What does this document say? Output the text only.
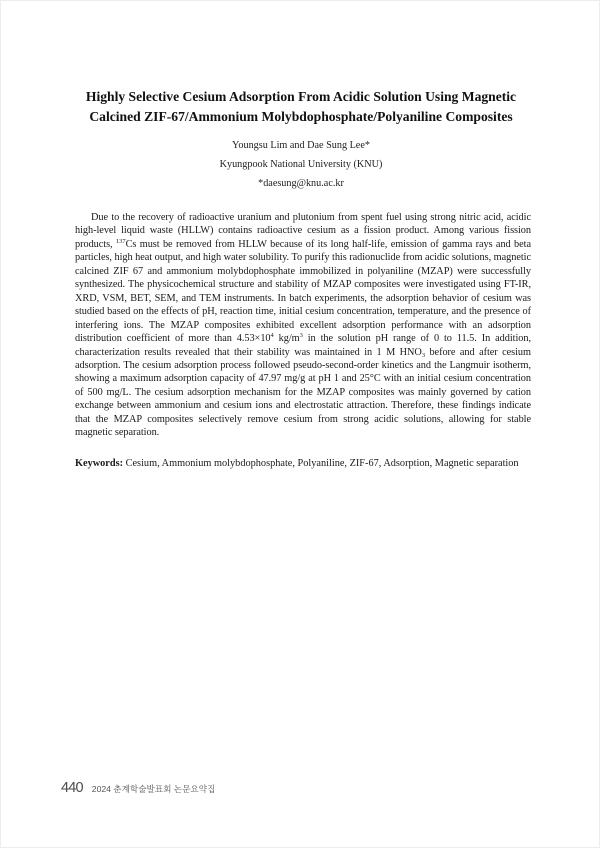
Highly Selective Cesium Adsorption From Acidic Solution Using Magnetic
Calcined ZIF-67/Ammonium Molybdophosphate/Polyaniline Composites

Youngsu Lim and Dae Sung Lee*

Kyungpook National University (KNU)

*daesung@knu.ac.kr

Due to the recovery of radioactive uranium and plutonium from spent fuel using strong nitric acid, acidic high-level liquid waste (HLLW) contains radioactive cesium as a fission product. Among various fission products, $^{137}$Cs must be removed from HLLW because of its long half-life, emission of gamma rays and beta particles, high heat output, and high water solubility. To purify this radionuclide from acidic solutions, magnetic calcined ZIF 67 and ammonium molybdophosphate immobilized in polyaniline (MZAP) were successfully synthesized. The physicochemical structure and stability of MZAP composites were investigated using FT-IR, XRD, VSM, BET, SEM, and TEM instruments. In batch experiments, the adsorption behavior of cesium was studied based on the effects of pH, reaction time, initial cesium concentration, temperature, and the presence of interfering ions. The MZAP composites exhibited excellent adsorption performance with an adsorption distribution coefficient of more than $4.53\times 10^4$ $kg/m^3$ in the solution pH range of 0 to 11.5. In addition, characterization results revealed that their stability was maintained in 1 M $HNO_3$ before and after cesium adsorption. The cesium adsorption process followed pseudo-second-order kinetics and the Langmuir isotherm, showing a maximum adsorption capacity of 47.97 mg/g at pH 1 and 25°C with an initial cesium concentration of 500 mg/L. The cesium adsorption mechanism for the MZAP composites was mainly governed by cation exchange between ammonium and cesium ions and electrostatic attraction. Therefore, these findings indicate that the MZAP composites selectively remove cesium from strong acidic solutions, allowing for stable magnetic separation.

Keywords: Cesium, Ammonium molybdophosphate, Polyaniline, ZIF-67, Adsorption, Magnetic separation

440 2024 춘계학술발표회 논문요약집
